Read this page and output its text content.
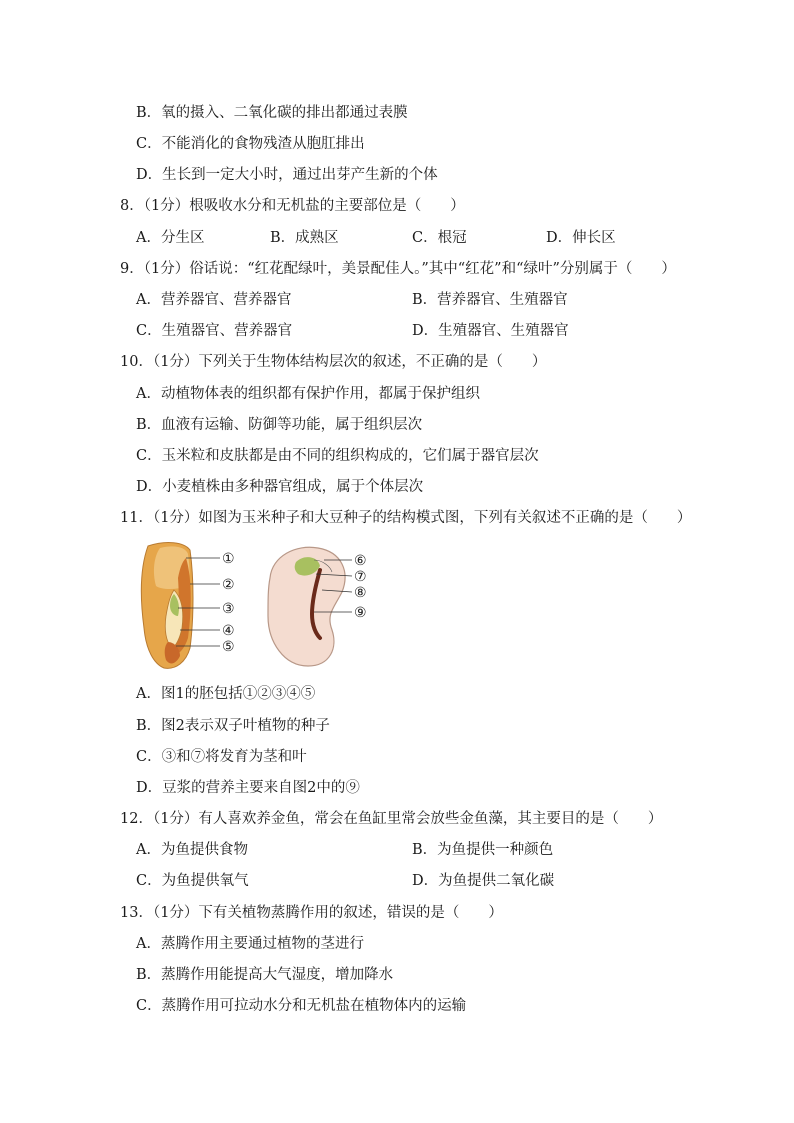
B．氧的摄入、二氧化碳的排出都通过表膜
C．不能消化的食物残渣从胞肛排出
D．生长到一定大小时，通过出芽产生新的个体
8．（1分）根吸收水分和无机盐的主要部位是（　　）
A．分生区	B．成熟区	C．根冠	D．伸长区
9．（1分）俗话说：“红花配绿叶，美景配佳人。”其中“红花”和“绿叶”分别属于（　　）
A．营养器官、营养器官	B．营养器官、生殖器官
C．生殖器官、营养器官	D．生殖器官、生殖器官
10．（1分）下列关于生物体结构层次的叙述，不正确的是（　　）
A．动植物体表的组织都有保护作用，都属于保护组织
B．血液有运输、防御等功能，属于组织层次
C．玉米粒和皮肤都是由不同的组织构成的，它们属于器官层次
D．小麦植株由多种器官组成，属于个体层次
11．（1分）如图为玉米种子和大豆种子的结构模式图，下列有关叙述不正确的是（　　）
①
②
③
④
⑤
⑥
⑦
⑧
⑨
A．图1的胚包括①②③④⑤
B．图2表示双子叶植物的种子
C．③和⑦将发育为茎和叶
D．豆浆的营养主要来自图2中的⑨
12．（1分）有人喜欢养金鱼，常会在鱼缸里常会放些金鱼藻，其主要目的是（　　）
A．为鱼提供食物	B．为鱼提供一种颜色
C．为鱼提供氧气	D．为鱼提供二氧化碳
13．（1分）下有关植物蒸腾作用的叙述，错误的是（　　）
A．蒸腾作用主要通过植物的茎进行
B．蒸腾作用能提高大气湿度，增加降水
C．蒸腾作用可拉动水分和无机盐在植物体内的运输
